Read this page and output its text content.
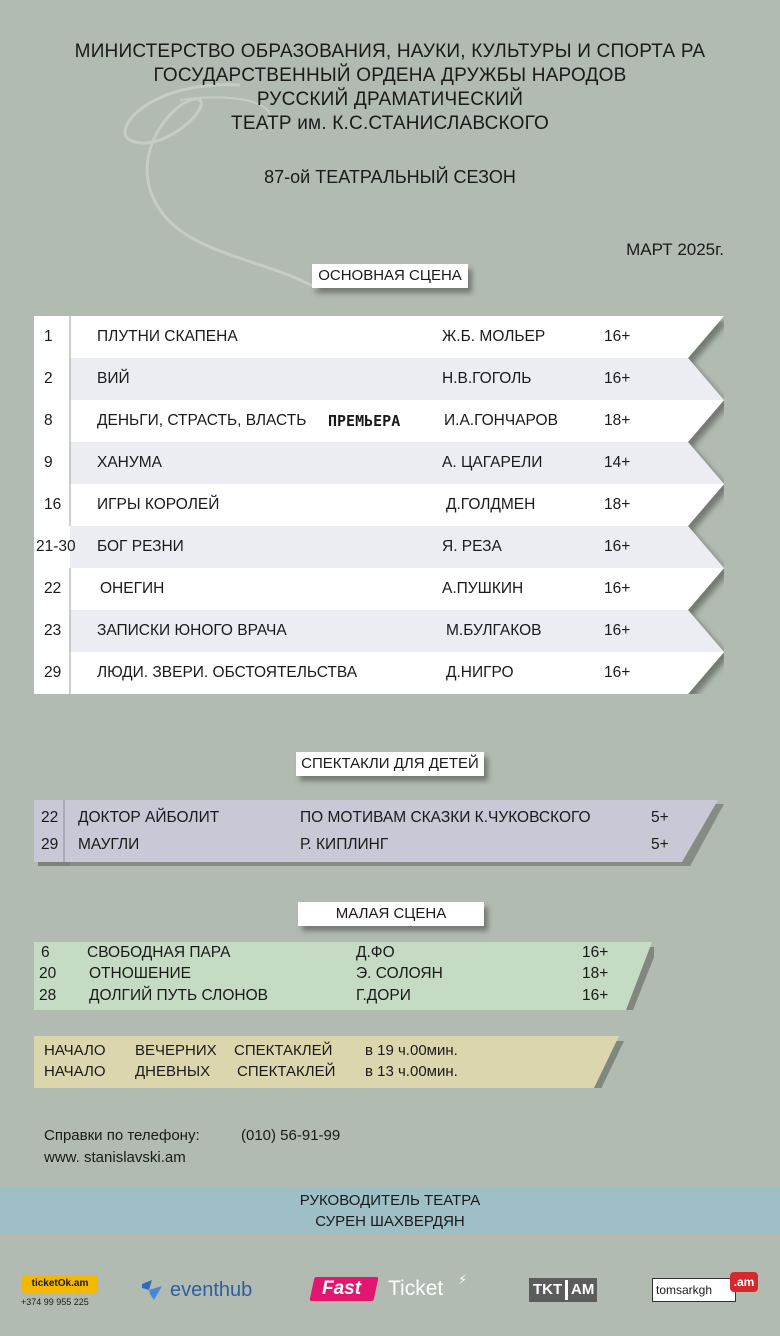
МИНИСТЕРСТВО ОБРАЗОВАНИЯ, НАУКИ, КУЛЬТУРЫ И СПОРТА РА
ГОСУДАРСТВЕННЫЙ ОРДЕНА ДРУЖБЫ НАРОДОВ
РУССКИЙ ДРАМАТИЧЕСКИЙ
ТЕАТР им. К.С.СТАНИСЛАВСКОГО
87-ой ТЕАТРАЛЬНЫЙ СЕЗОН
МАРТ 2025г.
ОСНОВНАЯ СЦЕНА
1	ПЛУТНИ СКАПЕНА	Ж.Б. МОЛЬЕР	16+
2	ВИЙ	Н.В.ГОГОЛЬ	16+
8	ДЕНЬГИ, СТРАСТЬ, ВЛАСТЬ ПРЕМЬЕРА	И.А.ГОНЧАРОВ	18+
9	ХАНУМА	А. ЦАГАРЕЛИ	14+
16 ИГРЫ КОРОЛЕЙ	Д.ГОЛДМЕН	18+
21-30 БОГ РЕЗНИ	Я. РЕЗА	16+
22	ОНЕГИН	А.ПУШКИН	16+
23 ЗАПИСКИ ЮНОГО ВРАЧА	М.БУЛГАКОВ	16+
29 ЛЮДИ. ЗВЕРИ. ОБСТОЯТЕЛЬСТВА	Д.НИГРО	16+
СПЕКТАКЛИ ДЛЯ ДЕТЕЙ
22 ДОКТОР АЙБОЛИТ	ПО МОТИВАМ СКАЗКИ К.ЧУКОВСКОГО	5+
29 МАУГЛИ	Р. КИПЛИНГ	5+
МАЛАЯ СЦЕНА
6 СВОБОДНАЯ ПАРА	Д.ФО	16+
20 ОТНОШЕНИЕ	Э. СОЛОЯН	18+
28 ДОЛГИЙ ПУТЬ СЛОНОВ	Г.ДОРИ	16+
НАЧАЛО ВЕЧЕРНИХ СПЕКТАКЛЕЙ в 19 ч.00мин.
НАЧАЛО ДНЕВНЫХ СПЕКТАКЛЕЙ в 13 ч.00мин.
Справки по телефону:	(010) 56-91-99
www. stanislavski.am
РУКОВОДИТЕЛЬ ТЕАТРА
СУРЕН ШАХВЕРДЯН
ticketOk.am
+374 99 955 225
eventhub	Fast Ticket ⚡
TKT AM	tomsarkgh
.am
